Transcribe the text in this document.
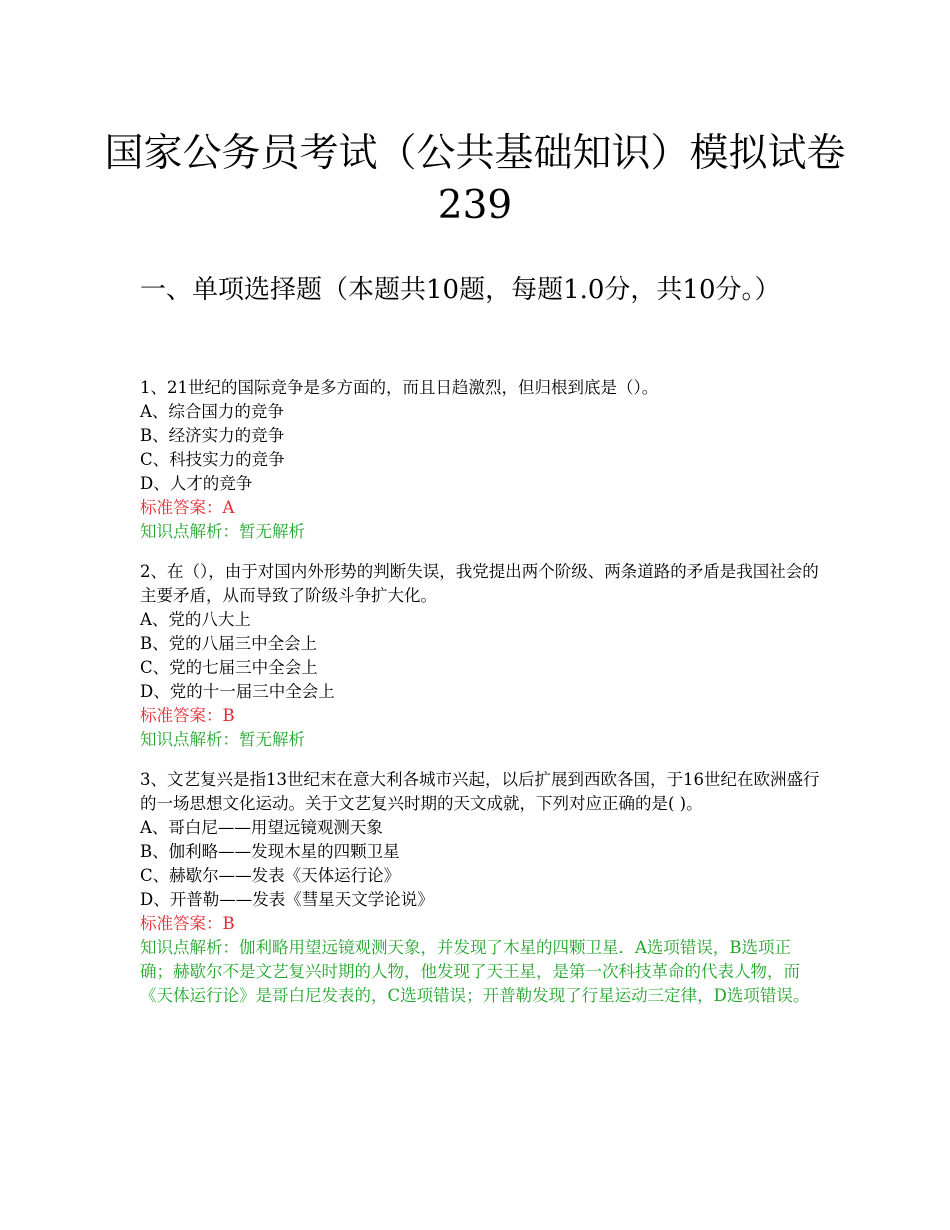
国家公务员考试（公共基础知识）模拟试卷239
一、单项选择题（本题共10题，每题1.0分，共10分。）
1、21世纪的国际竞争是多方面的，而且日趋激烈，但归根到底是（）。
A、综合国力的竞争
B、经济实力的竞争
C、科技实力的竞争
D、人才的竞争
标准答案：A
知识点解析：暂无解析
2、在（），由于对国内外形势的判断失误，我党提出两个阶级、两条道路的矛盾是我国社会的主要矛盾，从而导致了阶级斗争扩大化。
A、党的八大上
B、党的八届三中全会上
C、党的七届三中全会上
D、党的十一届三中全会上
标准答案：B
知识点解析：暂无解析
3、文艺复兴是指13世纪末在意大利各城市兴起，以后扩展到西欧各国，于16世纪在欧洲盛行的一场思想文化运动。关于文艺复兴时期的天文成就，下列对应正确的是( )。
A、哥白尼——用望远镜观测天象
B、伽利略——发现木星的四颗卫星
C、赫歇尔——发表《天体运行论》
D、开普勒——发表《彗星天文学论说》
标准答案：B
知识点解析：伽利略用望远镜观测天象，并发现了木星的四颗卫星．A选项错误，B选项正确；赫歇尔不是文艺复兴时期的人物，他发现了天王星，是第一次科技革命的代表人物，而《天体运行论》是哥白尼发表的，C选项错误；开普勒发现了行星运动三定律，D选项错误。
